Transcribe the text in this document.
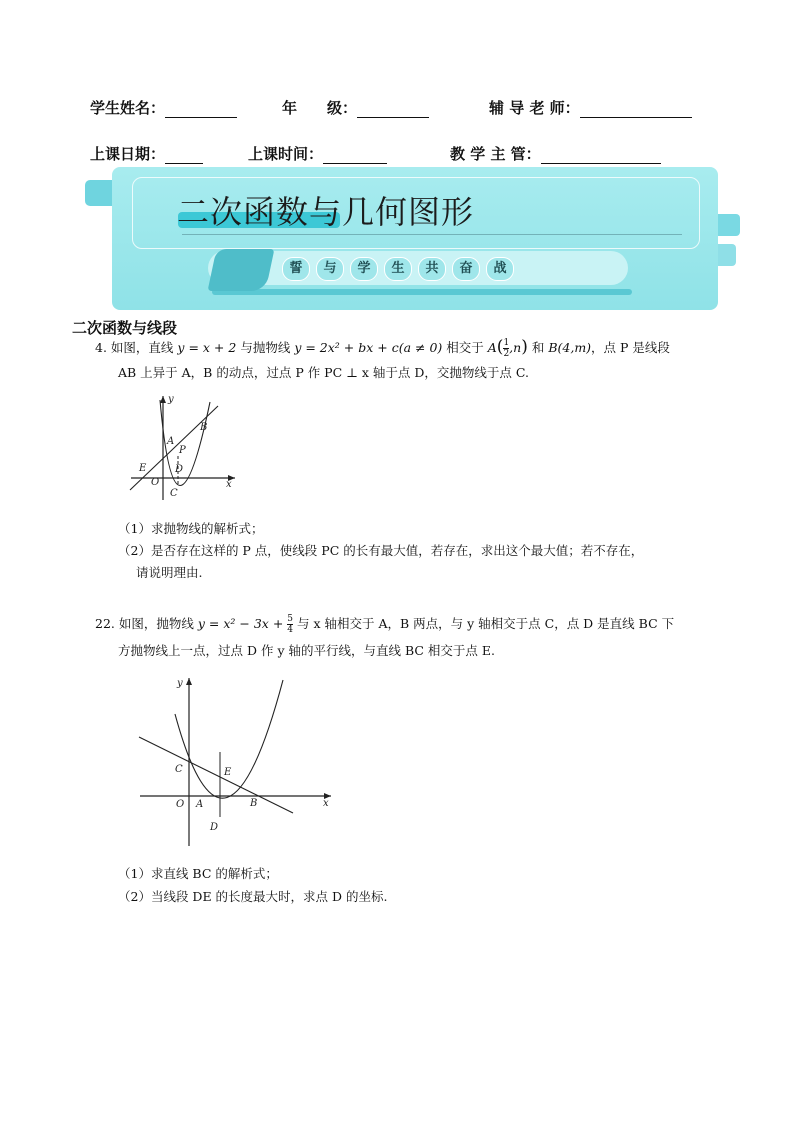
学生姓名：	年　　级：	辅 导 老 师：
上课日期：	上课时间：	教 学 主 管：
誓 与 学 生 共 奋 战
二次函数与几何图形
二次函数与线段
4. 如图，直线 y = x + 2 与抛物线 y = 2x² + bx + c(a ≠ 0) 相交于 $A( \frac{1}{2} ,n)$ 和 B(4,m)，点 P 是线段
AB 上异于 A，B 的动点，过点 P 作 PC ⊥ x 轴于点 D，交抛物线于点 C.
y
x
O
A
B
P
D
E
C
（1）求抛物线的解析式；
（2）是否存在这样的 P 点，使线段 PC 的长有最大值，若存在，求出这个最大值；若不存在，
请说明理由.
22. 如图，抛物线 $y = x^2 - 3x + \frac{5}{4}$ 与 x 轴相交于 A，B 两点，与 y 轴相交于点 C，点 D 是直线 BC 下
方抛物线上一点，过点 D 作 y 轴的平行线，与直线 BC 相交于点 E.
y
x
O A	B
C
D
E
（1）求直线 BC 的解析式；
（2）当线段 DE 的长度最大时，求点 D 的坐标.
